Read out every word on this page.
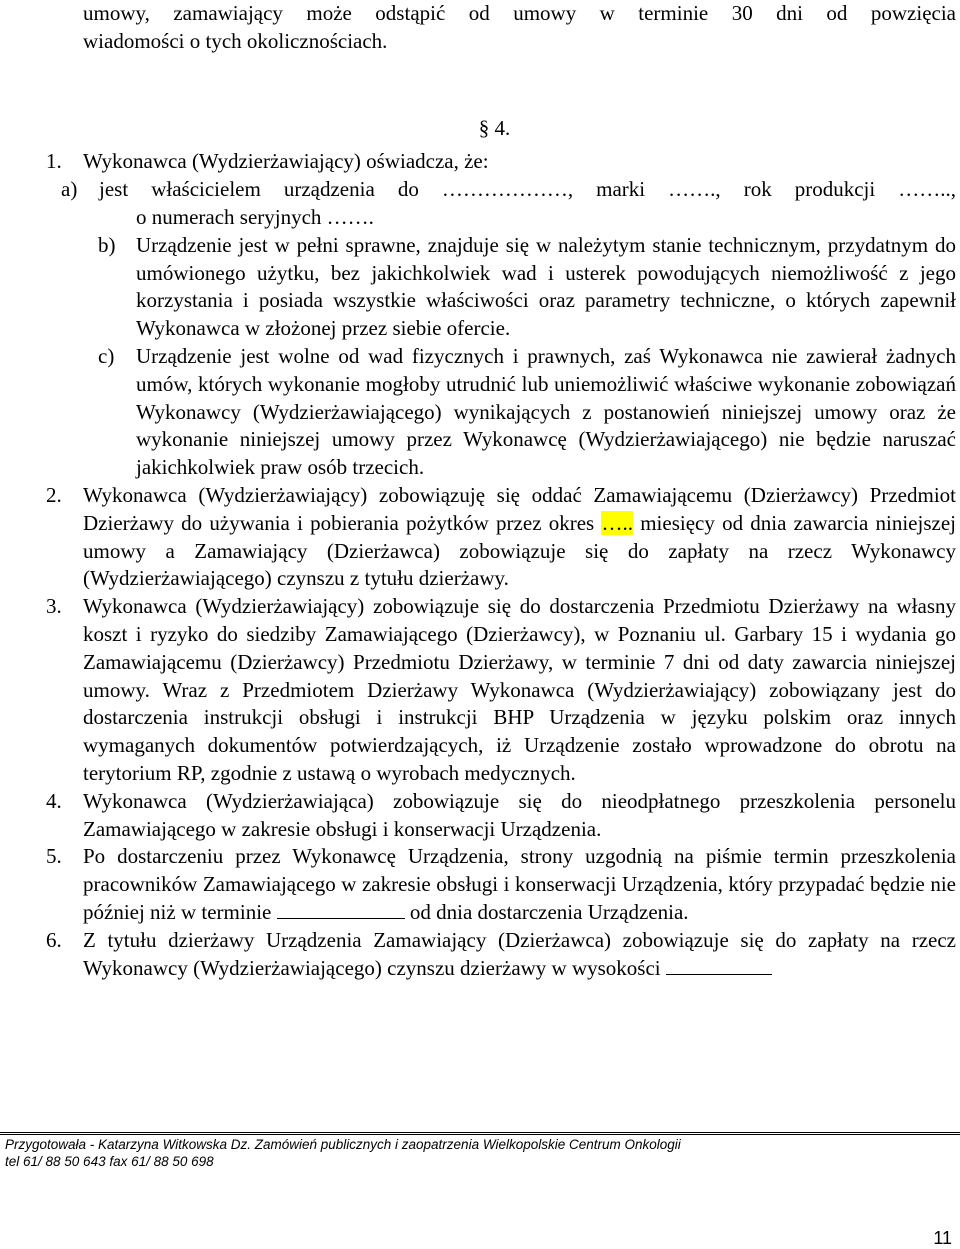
umowy, zamawiający może odstąpić od umowy w terminie 30 dni od powzięcia

wiadomości o tych okolicznościach.

§ 4.

1. Wykonawca (Wydzierżawiający) oświadcza, że:

a)	jest właścicielem urządzenia do ………………, marki ……., rok produkcji ……..,

o numerach seryjnych …….

b) Urządzenie jest w pełni sprawne, znajduje się w należytym stanie technicznym, przydatnym do umówionego użytku, bez jakichkolwiek wad i usterek powodujących niemożliwość z jego korzystania i posiada wszystkie właściwości oraz parametry techniczne, o których zapewnił Wykonawca w złożonej przez siebie ofercie.

c) Urządzenie jest wolne od wad fizycznych i prawnych, zaś Wykonawca nie zawierał żadnych umów, których wykonanie mogłoby utrudnić lub uniemożliwić właściwe wykonanie zobowiązań Wykonawcy (Wydzierżawiającego) wynikających z postanowień niniejszej umowy oraz że wykonanie niniejszej umowy przez Wykonawcę (Wydzierżawiającego) nie będzie naruszać jakichkolwiek praw osób trzecich.

2. Wykonawca (Wydzierżawiający) zobowiązuję się oddać Zamawiającemu (Dzierżawcy) Przedmiot Dzierżawy do używania i pobierania pożytków przez okres ….. miesięcy od dnia zawarcia niniejszej umowy a Zamawiający (Dzierżawca) zobowiązuje się do zapłaty na rzecz Wykonawcy (Wydzierżawiającego) czynszu z tytułu dzierżawy.

3. Wykonawca (Wydzierżawiający) zobowiązuje się do dostarczenia Przedmiotu Dzierżawy na własny koszt i ryzyko do siedziby Zamawiającego (Dzierżawcy), w Poznaniu ul. Garbary 15 i wydania go Zamawiającemu (Dzierżawcy) Przedmiotu Dzierżawy, w terminie 7 dni od daty zawarcia niniejszej umowy. Wraz z Przedmiotem Dzierżawy Wykonawca (Wydzierżawiający) zobowiązany jest do dostarczenia instrukcji obsługi i instrukcji BHP Urządzenia w języku polskim oraz innych wymaganych dokumentów potwierdzających, iż Urządzenie zostało wprowadzone do obrotu na terytorium RP, zgodnie z ustawą o wyrobach medycznych.

4. Wykonawca (Wydzierżawiająca) zobowiązuje się do nieodpłatnego przeszkolenia personelu Zamawiającego w zakresie obsługi i konserwacji Urządzenia.

5. Po dostarczeniu przez Wykonawcę Urządzenia, strony uzgodnią na piśmie termin przeszkolenia pracowników Zamawiającego w zakresie obsługi i konserwacji Urządzenia, który przypadać będzie nie później niż w terminie	od dnia dostarczenia Urządzenia.

6. Z tytułu dzierżawy Urządzenia Zamawiający (Dzierżawca) zobowiązuje się do zapłaty na rzecz Wykonawcy (Wydzierżawiającego) czynszu dzierżawy w wysokości

Przygotowała - Katarzyna Witkowska Dz. Zamówień publicznych i zaopatrzenia Wielkopolskie Centrum Onkologii
tel 61/ 88 50 643 fax 61/ 88 50 698
11
